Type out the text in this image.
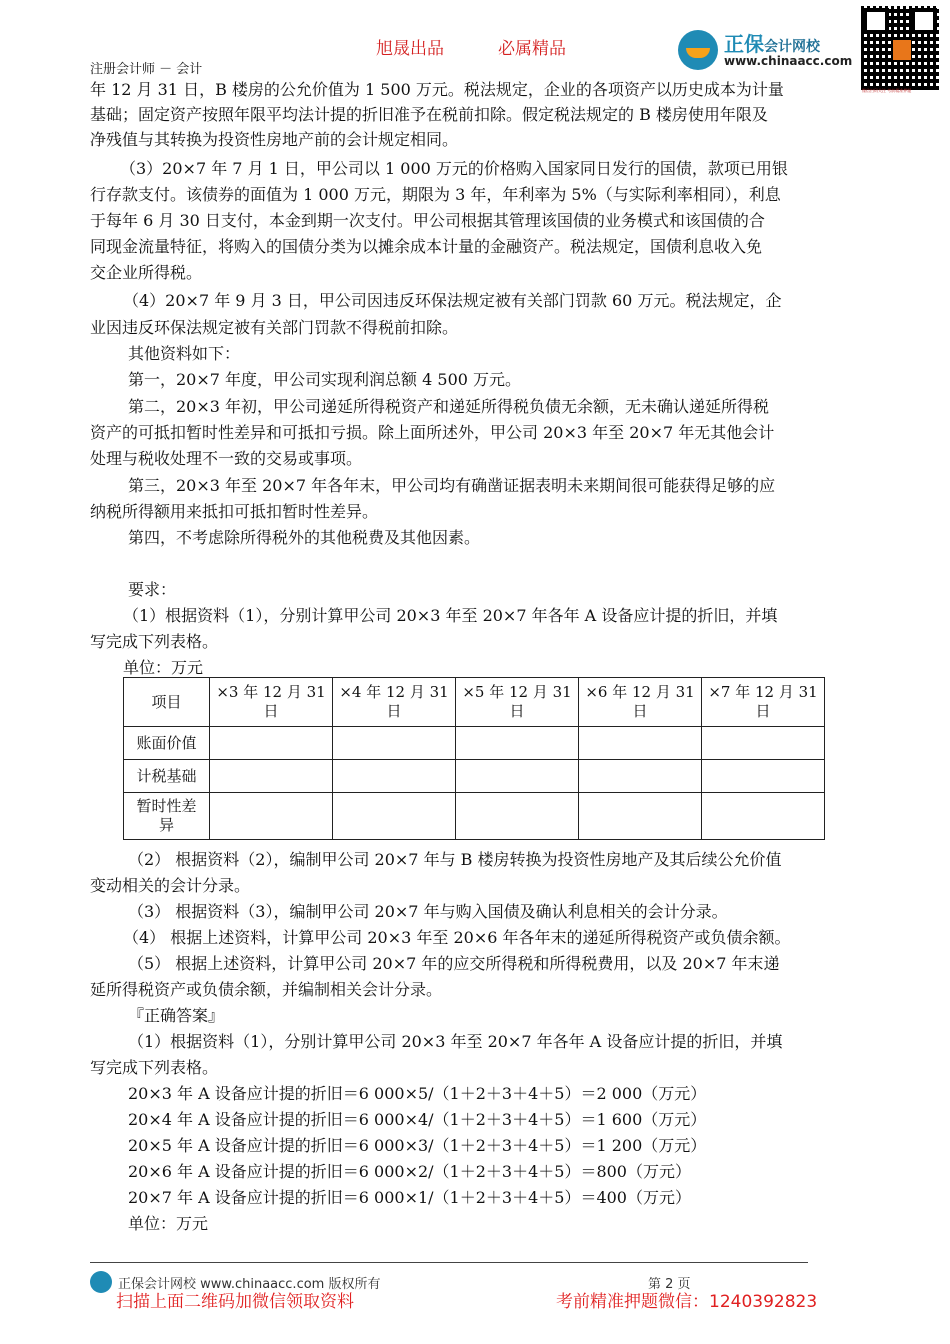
旭晟出品	必属精品
注册会计师 － 会计
正保会计网校
www.chinaacc.com
微信扫码关注 考前精准押题
年 12 月 31 日，B 楼房的公允价值为 1 500 万元。税法规定，企业的各项资产以历史成本为计量
基础；固定资产按照年限平均法计提的折旧准予在税前扣除。假定税法规定的 B 楼房使用年限及
净残值与其转换为投资性房地产前的会计规定相同。
（3）20×7 年 7 月 1 日，甲公司以 1 000 万元的价格购入国家同日发行的国债，款项已用银
行存款支付。该债券的面值为 1 000 万元，期限为 3 年，年利率为 5%（与实际利率相同），利息
于每年 6 月 30 日支付，本金到期一次支付。甲公司根据其管理该国债的业务模式和该国债的合
同现金流量特征，将购入的国债分类为以摊余成本计量的金融资产。税法规定，国债利息收入免
交企业所得税。
（4）20×7 年 9 月 3 日，甲公司因违反环保法规定被有关部门罚款 60 万元。税法规定，企
业因违反环保法规定被有关部门罚款不得税前扣除。
其他资料如下：
第一，20×7 年度，甲公司实现利润总额 4 500 万元。
第二，20×3 年初，甲公司递延所得税资产和递延所得税负债无余额，无未确认递延所得税
资产的可抵扣暂时性差异和可抵扣亏损。除上面所述外，甲公司 20×3 年至 20×7 年无其他会计
处理与税收处理不一致的交易或事项。
第三，20×3 年至 20×7 年各年末，甲公司均有确凿证据表明未来期间很可能获得足够的应
纳税所得额用来抵扣可抵扣暂时性差异。
第四，不考虑除所得税外的其他税费及其他因素。
要求：
（1）根据资料（1），分别计算甲公司 20×3 年至 20×7 年各年 A 设备应计提的折旧，并填
写完成下列表格。
单位：万元
项目	×3 年 12 月 31
日	×4 年 12 月 31
日	×5 年 12 月 31
日	×6 年 12 月 31
日	×7 年 12 月 31
日
账面价值					
计税基础					
暂时性差
异					
（2） 根据资料（2），编制甲公司 20×7 年与 B 楼房转换为投资性房地产及其后续公允价值
变动相关的会计分录。
（3） 根据资料（3），编制甲公司 20×7 年与购入国债及确认利息相关的会计分录。
（4） 根据上述资料，计算甲公司 20×3 年至 20×6 年各年末的递延所得税资产或负债余额。
（5） 根据上述资料，计算甲公司 20×7 年的应交所得税和所得税费用，以及 20×7 年末递
延所得税资产或负债余额，并编制相关会计分录。
『正确答案』
（1）根据资料（1），分别计算甲公司 20×3 年至 20×7 年各年 A 设备应计提的折旧，并填
写完成下列表格。
20×3 年 A 设备应计提的折旧＝6 000×5/（1＋2＋3＋4＋5）＝2 000（万元）
20×4 年 A 设备应计提的折旧＝6 000×4/（1＋2＋3＋4＋5）＝1 600（万元）
20×5 年 A 设备应计提的折旧＝6 000×3/（1＋2＋3＋4＋5）＝1 200（万元）
20×6 年 A 设备应计提的折旧＝6 000×2/（1＋2＋3＋4＋5）＝800（万元）
20×7 年 A 设备应计提的折旧＝6 000×1/（1＋2＋3＋4＋5）＝400（万元）
单位：万元
正保会计网校 www.chinaacc.com 版权所有	第 2 页
扫描上面二维码加微信领取资料	考前精准押题微信：1240392823
